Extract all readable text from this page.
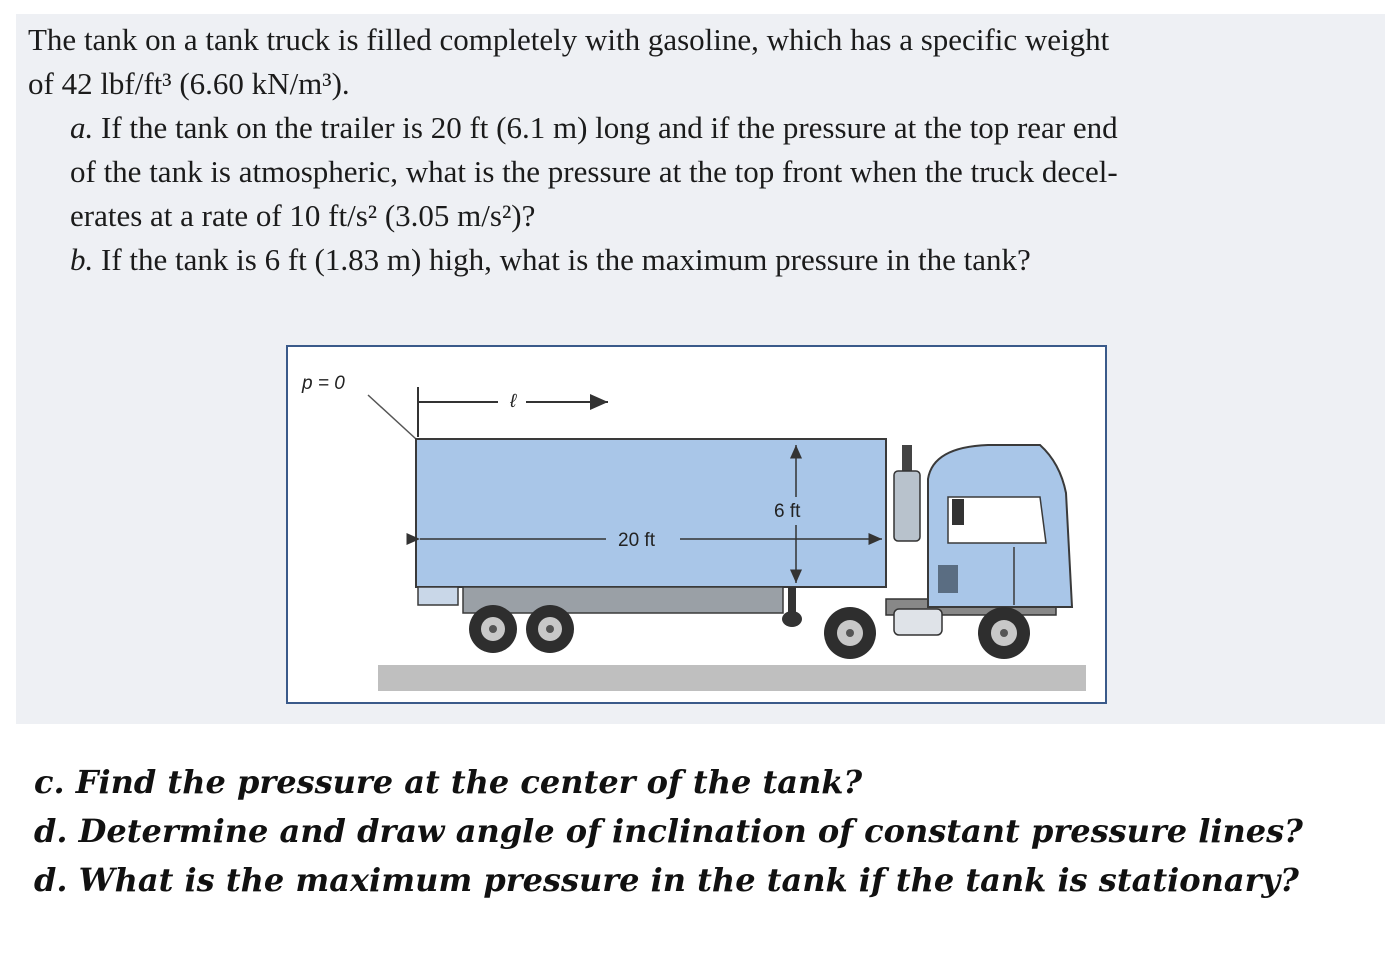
The tank on a tank truck is filled completely with gasoline, which has a specific weight

of 42 lbf/ft³ (6.60 kN/m³).

a. If the tank on the trailer is 20 ft (6.1 m) long and if the pressure at the top rear end

of the tank is atmospheric, what is the pressure at the top front when the truck decel-

erates at a rate of 10 ft/s² (3.05 m/s²)?

b. If the tank is 6 ft (1.83 m) high, what is the maximum pressure in the tank?

ℓ
p = 0
20 ft
6 ft
c. Find the pressure at the center of the tank?
d. Determine and draw angle of inclination of constant pressure lines?
d. What is the maximum pressure in the tank if the tank is stationary?
